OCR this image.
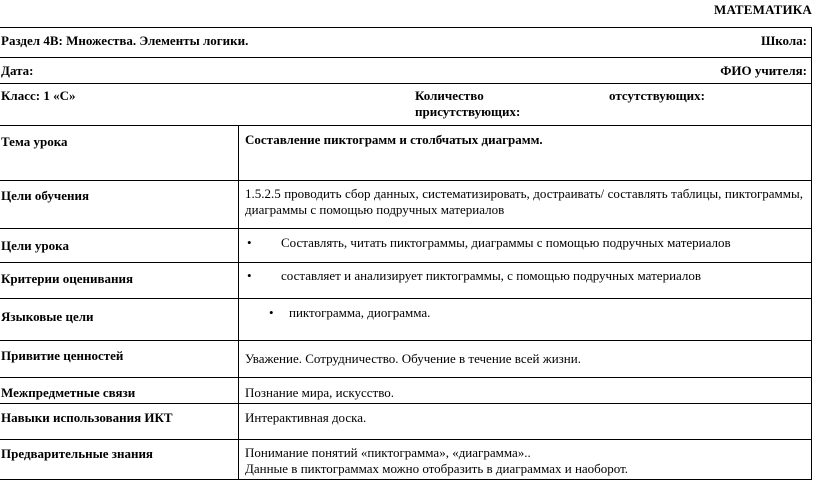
МАТЕМАТИКА
Раздел 4В: Множества. Элементы логики. Школа:	

Дата: ФИО учителя:	

Класс: 1 «С» Количество отсутствующих:
присутствующих:	

Тема урока	Составление пиктограмм и столбчатых диаграмм.
Цели обучения	1.5.2.5 проводить сбор данных, систематизировать, достраивать/ составлять таблицы, пиктограммы, диаграммы с помощью подручных материалов
Цели урока	• Составлять, читать пиктограммы, диаграммы с помощью подручных материалов

Критерии оценивания	• составляет и анализирует пиктограммы, с помощью подручных материалов

Языковые цели	• пиктограмма, диограмма.

Привитие ценностей	Уважение. Сотрудничество. Обучение в течение всей жизни.
Межпредметные связи	Познание мира, искусство.
Навыки использования ИКТ	Интерактивная доска.
Предварительные знания	Понимание понятий «пиктограмма», «диаграмма»..
Данные в пиктограммах можно отобразить в диаграммах и наоборот.
